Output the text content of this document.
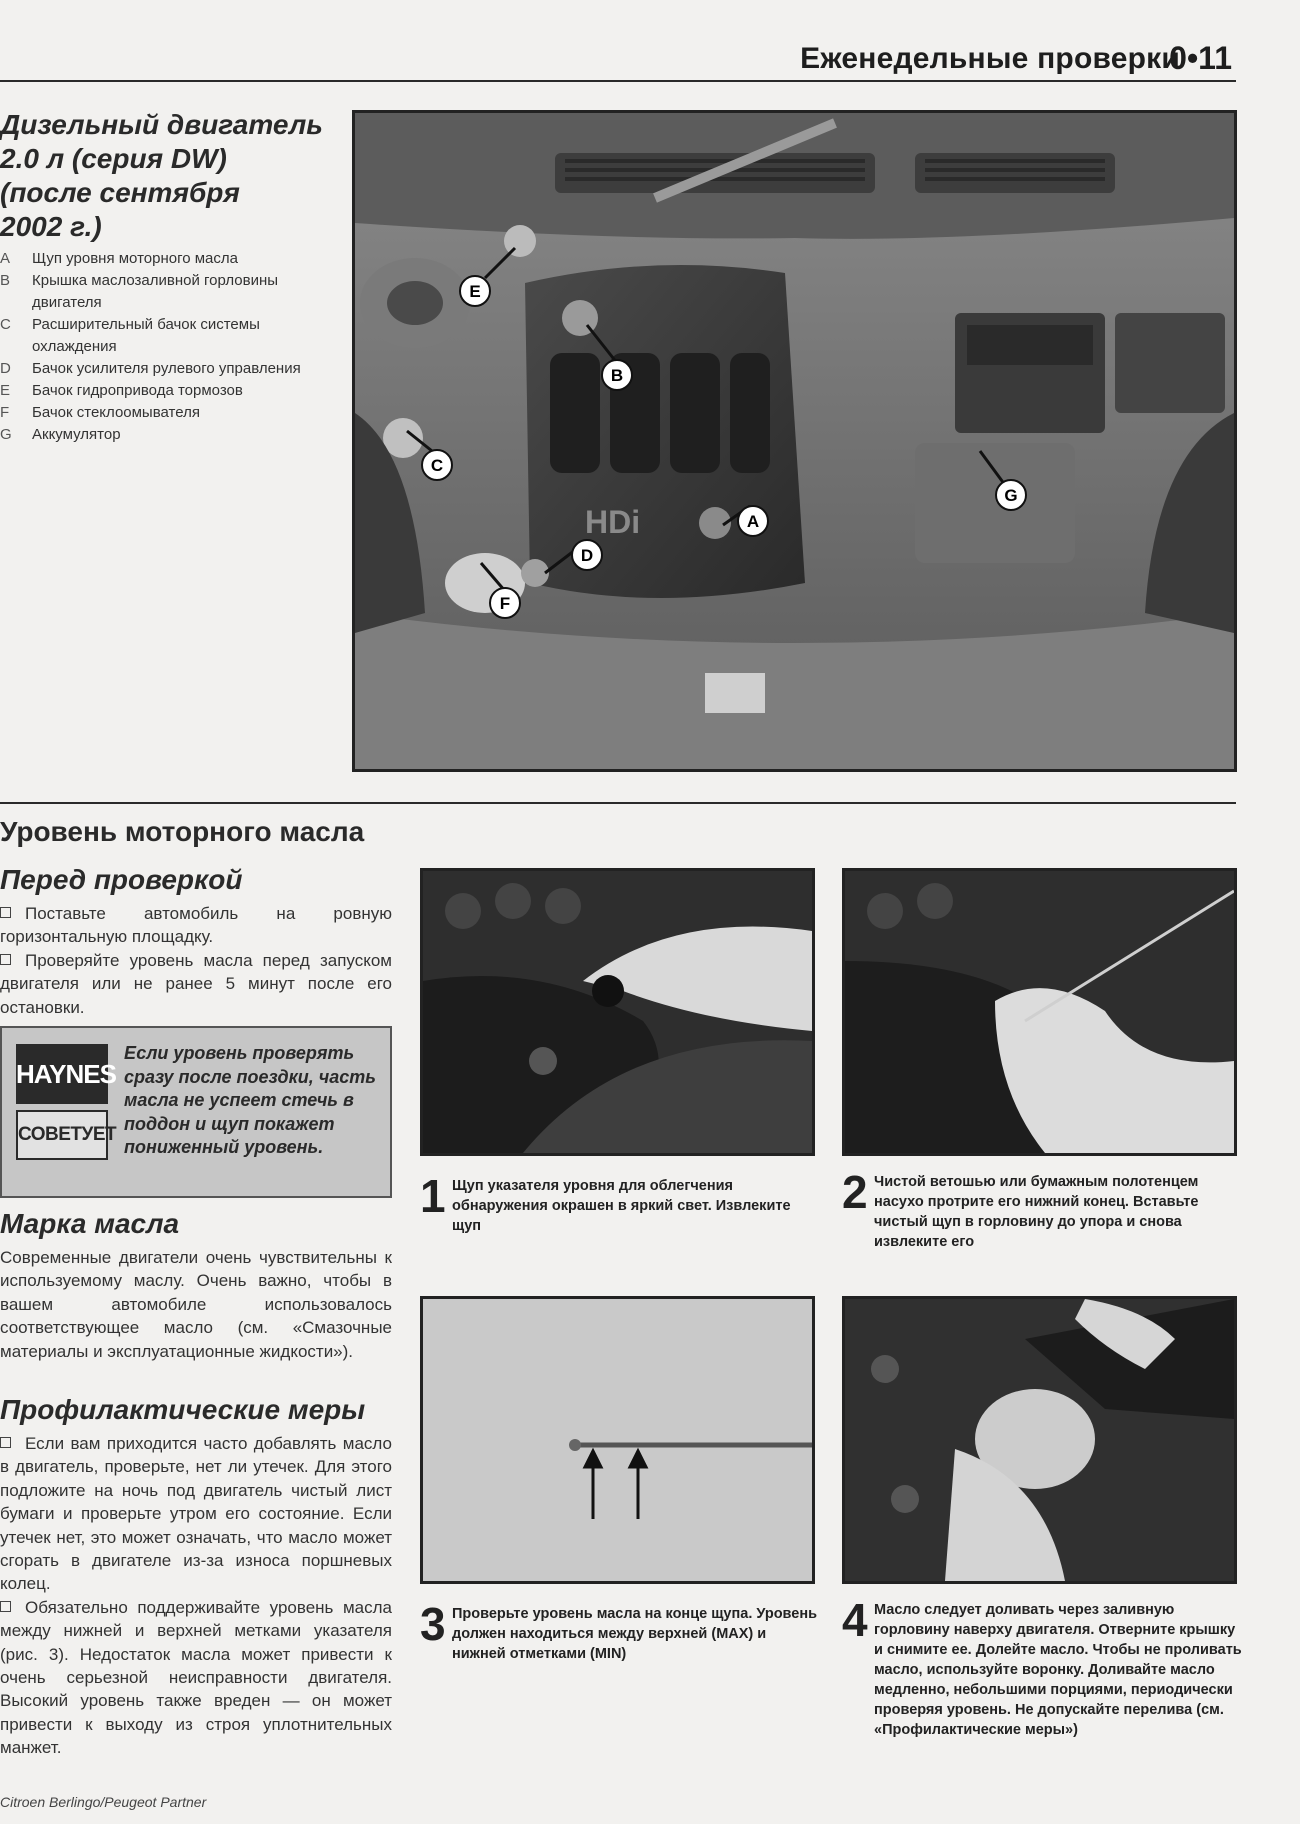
Еженедельные проверки
0•11
Дизельный двигатель
2.0 л (серия DW)
(после сентября
2002 г.)
A	Щуп уровня моторного масла
B	Крышка маслозаливной горловины двигателя
C	Расширительный бачок системы охлаждения
D	Бачок усилителя рулевого управления
E	Бачок гидропривода тормозов
F	Бачок стеклоомывателя
G	Аккумулятор
HDi
E
B
C
A
G
D
F
Уровень моторного масла
Перед проверкой

Поставьте автомобиль на ровную горизонтальную площадку.

Проверяйте уровень масла перед запуском двигателя или не ранее 5 минут после его остановки.

HAYNES
СОВЕТУЕТ
Если уровень проверять сразу после поездки, часть масла не успеет стечь в поддон и щуп покажет пониженный уровень.
Марка масла
Современные двигатели очень чувствительны к используемому маслу. Очень важно, чтобы в вашем автомобиле использовалось соответствующее масло (см. «Смазочные материалы и эксплуатационные жидкости»).
Профилактические меры

Если вам приходится часто добавлять масло в двигатель, проверьте, нет ли утечек. Для этого подложите на ночь под двигатель чистый лист бумаги и проверьте утром его состояние. Если утечек нет, это может означать, что масло может сгорать в двигателе из-за износа поршневых колец.

Обязательно поддерживайте уровень масла между нижней и верхней метками указателя (рис. 3). Недостаток масла может привести к очень серьезной неисправности двигателя. Высокий уровень также вреден — он может привести к выходу из строя уплотнительных манжет.

1 Щуп указателя уровня для облегчения обнаружения окрашен в яркий свет. Извлеките щуп
2 Чистой ветошью или бумажным полотенцем насухо протрите его нижний конец. Вставьте чистый щуп в горловину до упора и снова извлеките его
3 Проверьте уровень масла на конце щупа. Уровень должен находиться между верхней (MAX) и нижней отметками (MIN)
4 Масло следует доливать через заливную горловину наверху двигателя. Отверните крышку и снимите ее. Долейте масло. Чтобы не проливать масло, используйте воронку. Доливайте масло медленно, небольшими порциями, периодически проверяя уровень. Не допускайте перелива (см. «Профилактические меры»)
Citroen Berlingo/Peugeot Partner
